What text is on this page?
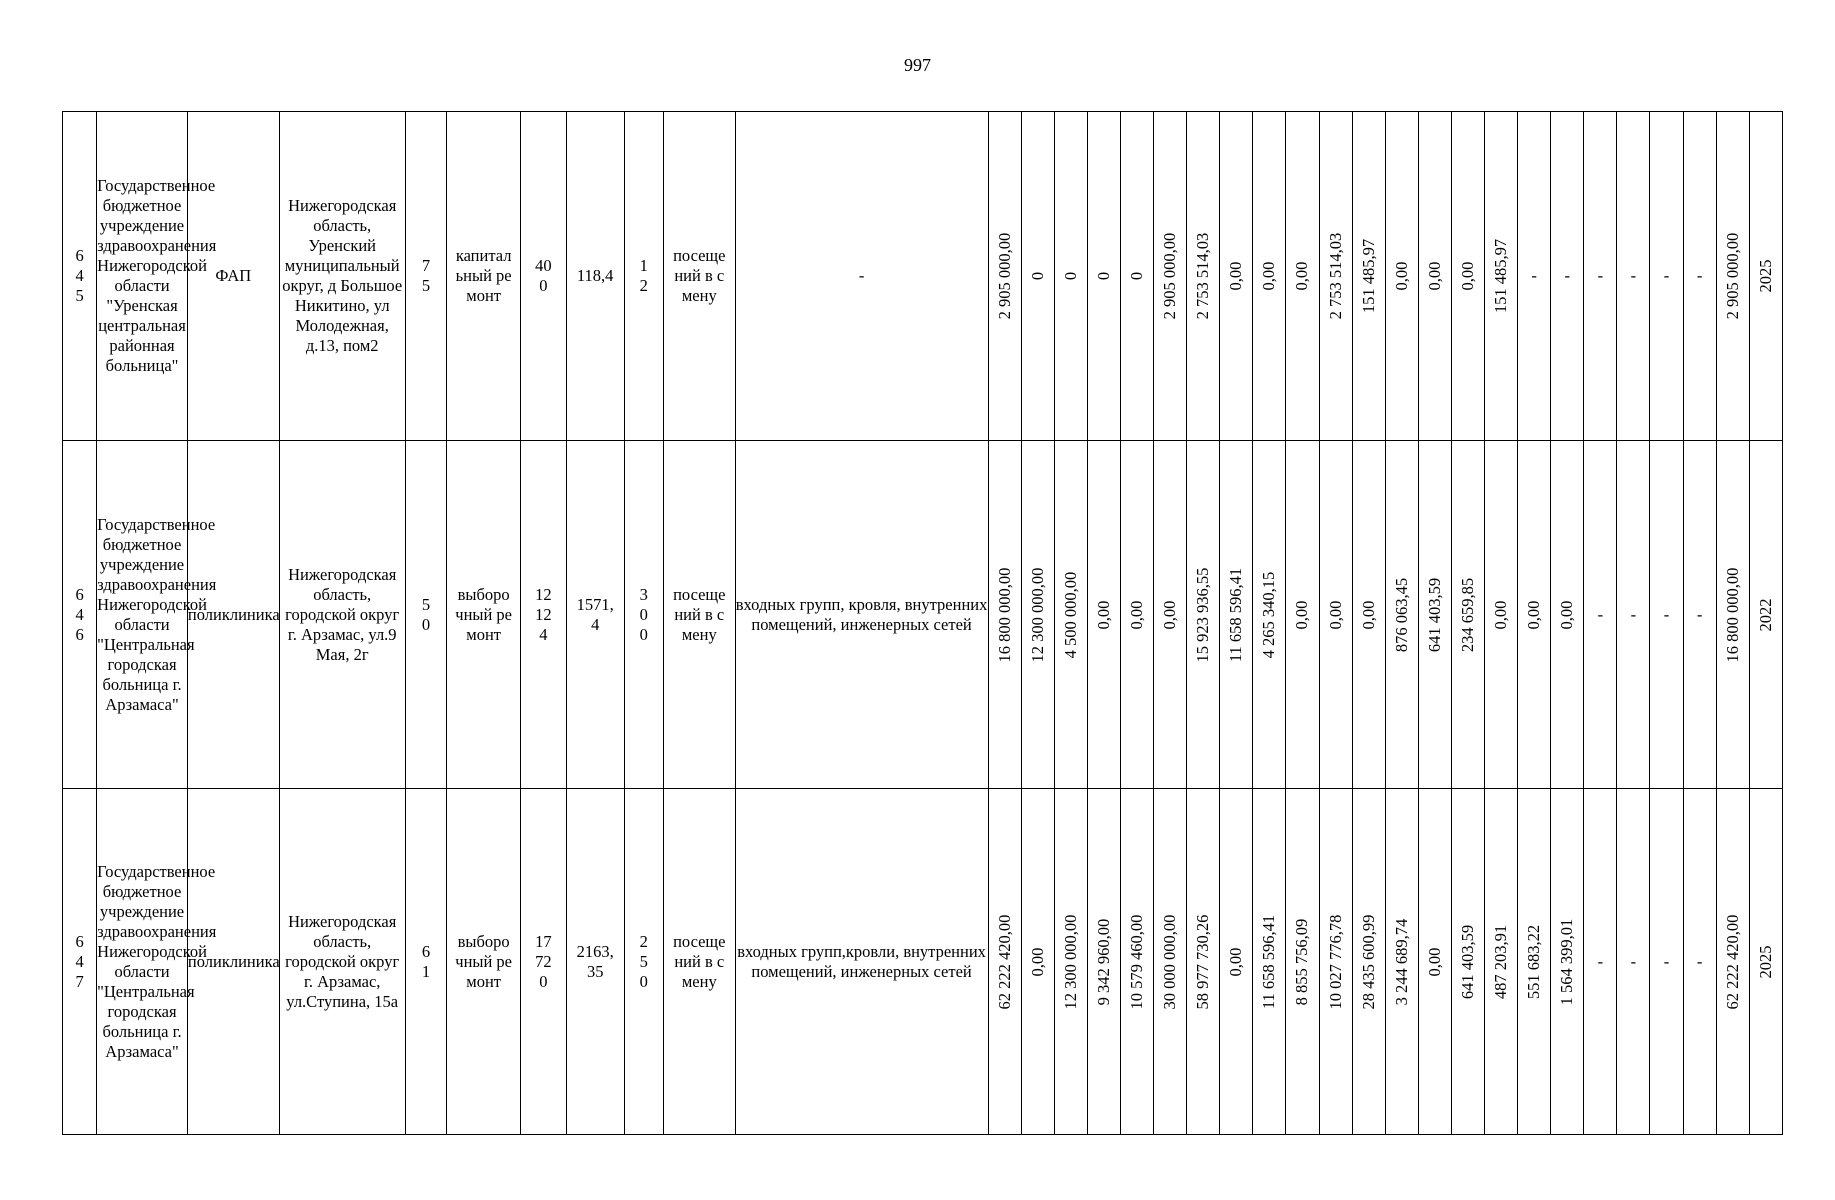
997
645	Государственное бюджетное учреждение здравоохранения Нижегородской области "Уренская центральная районная больница"	ФАП	Нижегородская область, Уренский муниципальный округ, д Большое Никитино, ул Молодежная, д.13, пом2	75	капитальный ремонт	400	118,4	12	посещений в смену	-	2 905 000,00	0	0	0	0	2 905 000,00	2 753 514,03	0,00	0,00	0,00	2 753 514,03	151 485,97	0,00	0,00	0,00	151 485,97	-	-	-	-	-	-	2 905 000,00	2025

646	Государственное бюджетное учреждение здравоохранения Нижегородской области "Центральная городская больница г. Арзамаса"	поликлиника	Нижегородская область, городской округ г. Арзамас, ул.9 Мая, 2г	50	выборочный ремонт	12124	1571,4	300	посещений в смену	входных групп, кровля, внутренних помещений, инженерных сетей	16 800 000,00	12 300 000,00	4 500 000,00	0,00	0,00	0,00	15 923 936,55	11 658 596,41	4 265 340,15	0,00	0,00	0,00	876 063,45	641 403,59	234 659,85	0,00	0,00	0,00	-	-	-	-	16 800 000,00	2022

647	Государственное бюджетное учреждение здравоохранения Нижегородской области "Центральная городская больница г. Арзамаса"	поликлиника	Нижегородская область, городской округ г. Арзамас, ул.Ступина, 15а	61	выборочный ремонт	17720	2163,35	250	посещений в смену	входных групп,кровли, внутренних помещений, инженерных сетей	62 222 420,00	0,00	12 300 000,00	9 342 960,00	10 579 460,00	30 000 000,00	58 977 730,26	0,00	11 658 596,41	8 855 756,09	10 027 776,78	28 435 600,99	3 244 689,74	0,00	641 403,59	487 203,91	551 683,22	1 564 399,01	-	-	-	-	62 222 420,00	2025
